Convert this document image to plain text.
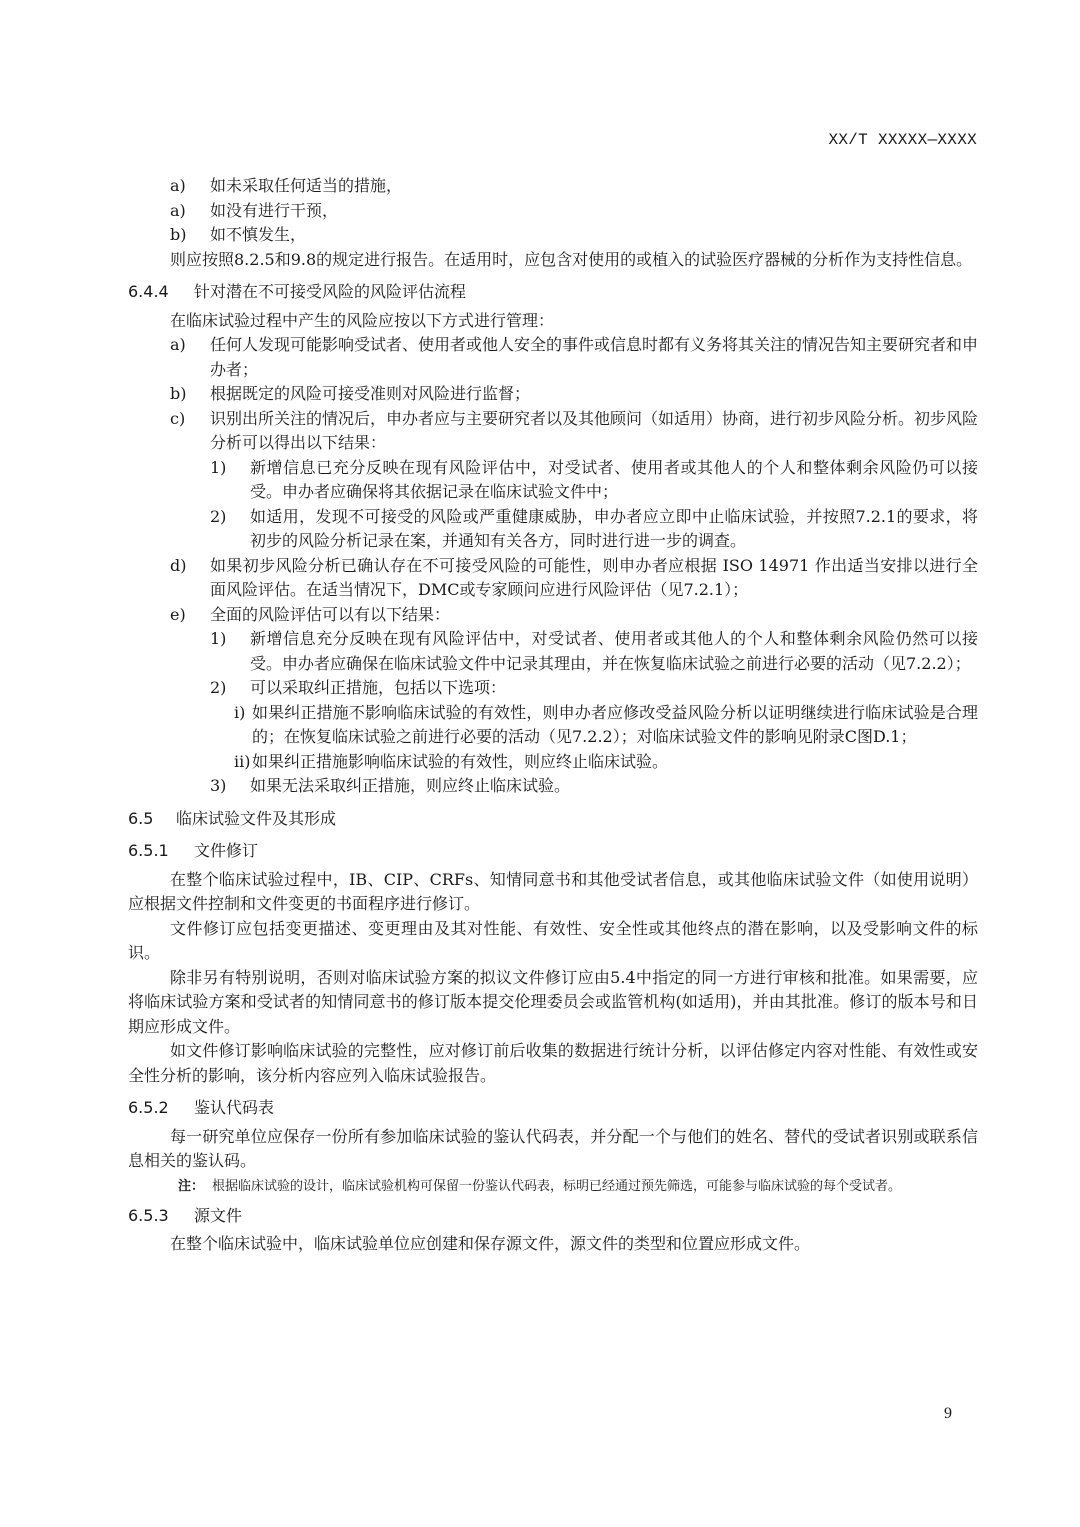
XX/T XXXXX—XXXX
a)	如未采取任何适当的措施，
a)	如没有进行干预，
b)	如不慎发生，

则应按照8.2.5和9.8的规定进行报告。在适用时，应包含对使用的或植入的试验医疗器械的分析作为支持性信息。

6.4.4	针对潜在不可接受风险的风险评估流程

在临床试验过程中产生的风险应按以下方式进行管理：

a)	任何人发现可能影响受试者、使用者或他人安全的事件或信息时都有义务将其关注的情况告知主要研究者和申办者；
b)	根据既定的风险可接受准则对风险进行监督；
c)	识别出所关注的情况后，申办者应与主要研究者以及其他顾问（如适用）协商，进行初步风险分析。初步风险分析可以得出以下结果：
1)	新增信息已充分反映在现有风险评估中，对受试者、使用者或其他人的个人和整体剩余风险仍可以接受。申办者应确保将其依据记录在临床试验文件中；
2)	如适用，发现不可接受的风险或严重健康威胁，申办者应立即中止临床试验，并按照7.2.1的要求，将初步的风险分析记录在案，并通知有关各方，同时进行进一步的调查。
d)	如果初步风险分析已确认存在不可接受风险的可能性，则申办者应根据 ISO 14971 作出适当安排以进行全面风险评估。在适当情况下，DMC或专家顾问应进行风险评估（见7.2.1）；
e)	全面的风险评估可以有以下结果：
1)	新增信息充分反映在现有风险评估中，对受试者、使用者或其他人的个人和整体剩余风险仍然可以接受。申办者应确保在临床试验文件中记录其理由，并在恢复临床试验之前进行必要的活动（见7.2.2）；
2)	可以采取纠正措施，包括以下选项：
i) 如果纠正措施不影响临床试验的有效性，则申办者应修改受益风险分析以证明继续进行临床试验是合理的；在恢复临床试验之前进行必要的活动（见7.2.2）；对临床试验文件的影响见附录C图D.1；
ii) 如果纠正措施影响临床试验的有效性，则应终止临床试验。
3)	如果无法采取纠正措施，则应终止临床试验。
6.5	临床试验文件及其形成
6.5.1	文件修订

在整个临床试验过程中，IB、CIP、CRFs、知情同意书和其他受试者信息，或其他临床试验文件（如使用说明）应根据文件控制和文件变更的书面程序进行修订。

文件修订应包括变更描述、变更理由及其对性能、有效性、安全性或其他终点的潜在影响，以及受影响文件的标识。

除非另有特别说明，否则对临床试验方案的拟议文件修订应由5.4中指定的同一方进行审核和批准。如果需要，应将临床试验方案和受试者的知情同意书的修订版本提交伦理委员会或监管机构(如适用)，并由其批准。修订的版本号和日期应形成文件。

如文件修订影响临床试验的完整性，应对修订前后收集的数据进行统计分析，以评估修定内容对性能、有效性或安全性分析的影响，该分析内容应列入临床试验报告。

6.5.2	鉴认代码表

每一研究单位应保存一份所有参加临床试验的鉴认代码表，并分配一个与他们的姓名、替代的受试者识别或联系信息相关的鉴认码。

注： 根据临床试验的设计，临床试验机构可保留一份鉴认代码表，标明已经通过预先筛选，可能参与临床试验的每个受试者。
6.5.3	源文件

在整个临床试验中，临床试验单位应创建和保存源文件，源文件的类型和位置应形成文件。

9
